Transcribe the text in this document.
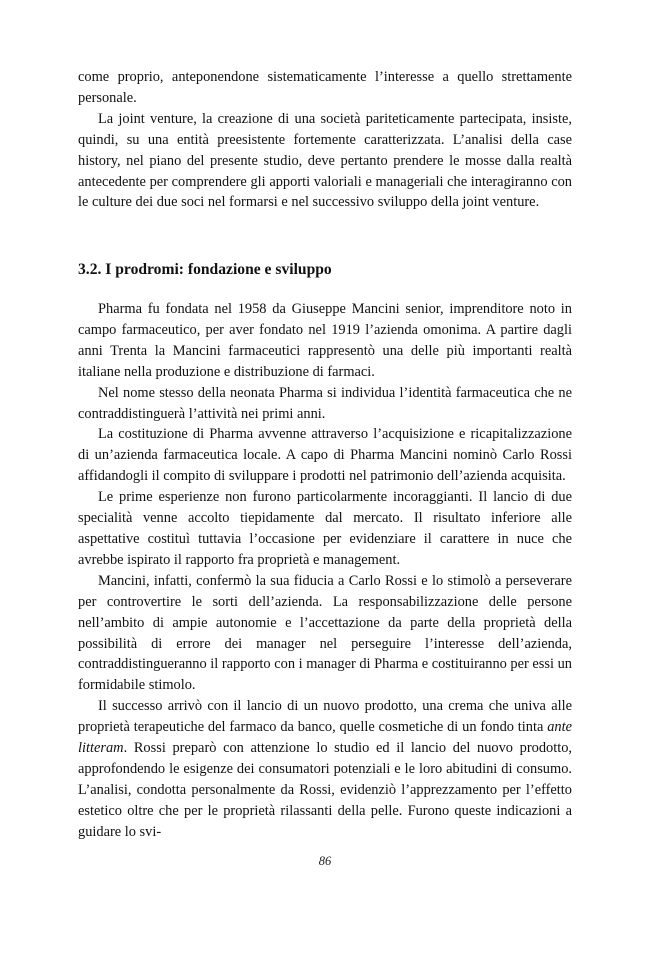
come proprio, anteponendone sistematicamente l’interesse a quello strettamente personale.

La joint venture, la creazione di una società pariteticamente partecipata, insiste, quindi, su una entità preesistente fortemente caratterizzata. L’analisi della case history, nel piano del presente studio, deve pertanto prendere le mosse dalla realtà antecedente per comprendere gli apporti valoriali e manageriali che interagiranno con le culture dei due soci nel formarsi e nel successivo sviluppo della joint venture.

3.2. I prodromi: fondazione e sviluppo

Pharma fu fondata nel 1958 da Giuseppe Mancini senior, imprenditore noto in campo farmaceutico, per aver fondato nel 1919 l’azienda omonima. A partire dagli anni Trenta la Mancini farmaceutici rappresentò una delle più importanti realtà italiane nella produzione e distribuzione di farmaci.

Nel nome stesso della neonata Pharma si individua l’identità farmaceutica che ne contraddistinguerà l’attività nei primi anni.

La costituzione di Pharma avvenne attraverso l’acquisizione e ricapitalizzazione di un’azienda farmaceutica locale. A capo di Pharma Mancini nominò Carlo Rossi affidandogli il compito di sviluppare i prodotti nel patrimonio dell’azienda acquisita.

Le prime esperienze non furono particolarmente incoraggianti. Il lancio di due specialità venne accolto tiepidamente dal mercato. Il risultato inferiore alle aspettative costituì tuttavia l’occasione per evidenziare il carattere in nuce che avrebbe ispirato il rapporto fra proprietà e management.

Mancini, infatti, confermò la sua fiducia a Carlo Rossi e lo stimolò a perseverare per controvertire le sorti dell’azienda. La responsabilizzazione delle persone nell’ambito di ampie autonomie e l’accettazione da parte della proprietà della possibilità di errore dei manager nel perseguire l’interesse dell’azienda, contraddistingueranno il rapporto con i manager di Pharma e costituiranno per essi un formidabile stimolo.

Il successo arrivò con il lancio di un nuovo prodotto, una crema che univa alle proprietà terapeutiche del farmaco da banco, quelle cosmetiche di un fondo tinta ante litteram. Rossi preparò con attenzione lo studio ed il lancio del nuovo prodotto, approfondendo le esigenze dei consumatori potenziali e le loro abitudini di consumo. L’analisi, condotta personalmente da Rossi, evidenziò l’apprezzamento per l’effetto estetico oltre che per le proprietà rilassanti della pelle. Furono queste indicazioni a guidare lo svi-

86
